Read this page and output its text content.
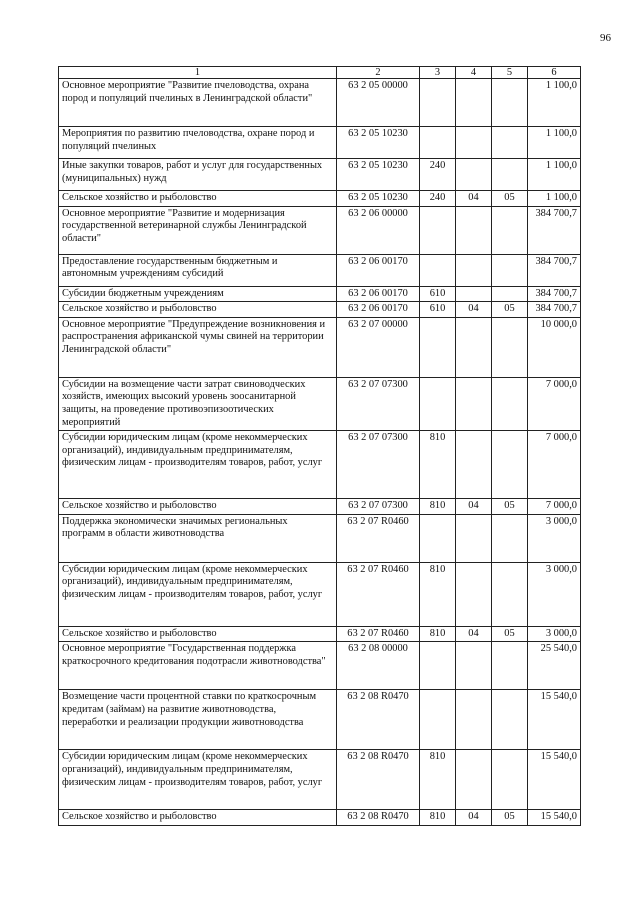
96
1	2	3	4	5	6
Основное мероприятие "Развитие пчеловодства, охрана пород и популяций пчелиных в Ленинградской области"	63 2 05 00000				1 100,0
Мероприятия по развитию пчеловодства, охране пород и популяций пчелиных	63 2 05 10230				1 100,0
Иные закупки товаров, работ и услуг для государственных (муниципальных) нужд	63 2 05 10230	240			1 100,0
Сельское хозяйство и рыболовство	63 2 05 10230	240	04	05	1 100,0
Основное мероприятие "Развитие и модернизация государственной ветеринарной службы Ленинградской области"	63 2 06 00000				384 700,7
Предоставление государственным бюджетным и автономным учреждениям субсидий	63 2 06 00170				384 700,7
Субсидии бюджетным учреждениям	63 2 06 00170	610			384 700,7
Сельское хозяйство и рыболовство	63 2 06 00170	610	04	05	384 700,7
Основное мероприятие "Предупреждение возникновения и распространения африканской чумы свиней на территории Ленинградской области"	63 2 07 00000				10 000,0
Субсидии на возмещение части затрат свиноводческих хозяйств, имеющих высокий уровень зоосанитарной защиты, на проведение противоэпизоотических мероприятий	63 2 07 07300				7 000,0
Субсидии юридическим лицам (кроме некоммерческих организаций), индивидуальным предпринимателям, физическим лицам - производителям товаров, работ, услуг	63 2 07 07300	810			7 000,0
Сельское хозяйство и рыболовство	63 2 07 07300	810	04	05	7 000,0
Поддержка экономически значимых региональных программ в области животноводства	63 2 07 R0460				3 000,0
Субсидии юридическим лицам (кроме некоммерческих организаций), индивидуальным предпринимателям, физическим лицам - производителям товаров, работ, услуг	63 2 07 R0460	810			3 000,0
Сельское хозяйство и рыболовство	63 2 07 R0460	810	04	05	3 000,0
Основное мероприятие "Государственная поддержка краткосрочного кредитования подотрасли животноводства"	63 2 08 00000				25 540,0
Возмещение части процентной ставки по краткосрочным кредитам (займам) на развитие животноводства, переработки и реализации продукции животноводства	63 2 08 R0470				15 540,0
Субсидии юридическим лицам (кроме некоммерческих организаций), индивидуальным предпринимателям, физическим лицам - производителям товаров, работ, услуг	63 2 08 R0470	810			15 540,0
Сельское хозяйство и рыболовство	63 2 08 R0470	810	04	05	15 540,0
